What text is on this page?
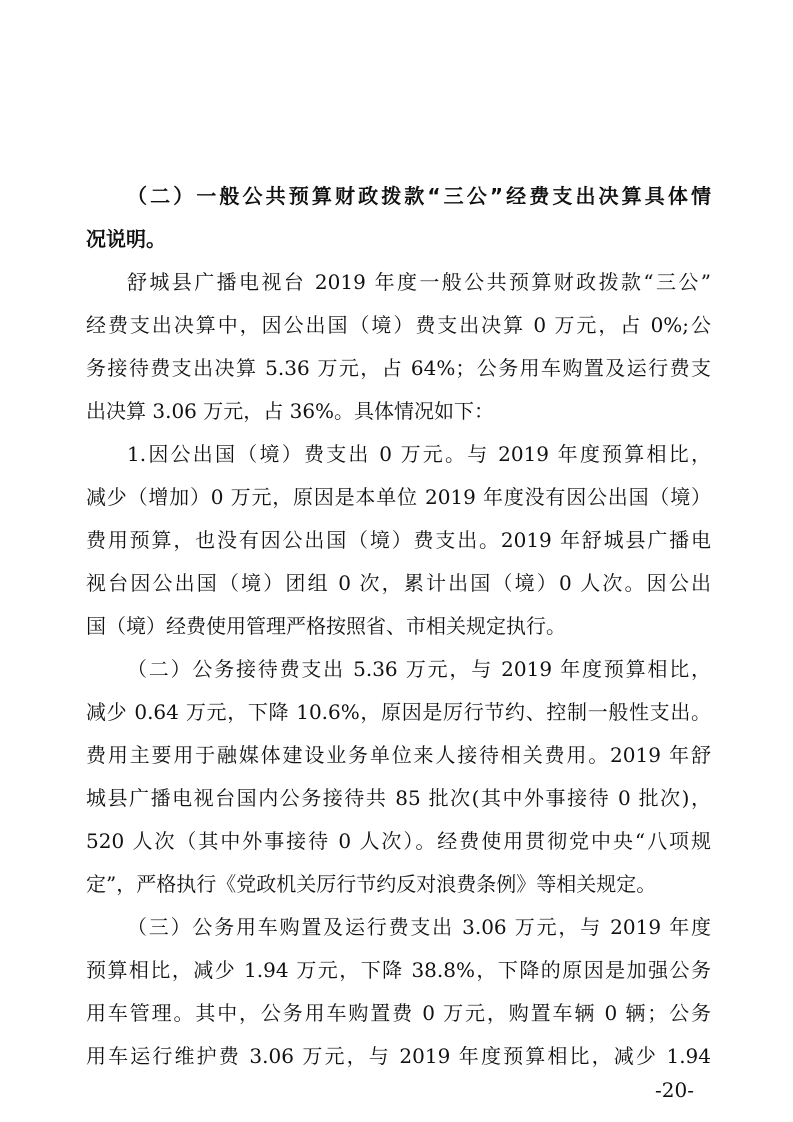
（二）一般公共预算财政拨款“三公”经费支出决算具体情
况说明。
舒城县广播电视台 2019 年度一般公共预算财政拨款“三公”
经费支出决算中，因公出国（境）费支出决算 0 万元，占 0%;公
务接待费支出决算 5.36 万元，占 64%；公务用车购置及运行费支
出决算 3.06 万元，占 36%。具体情况如下：
1.因公出国（境）费支出 0 万元。与 2019 年度预算相比，
减少（增加）0 万元，原因是本单位 2019 年度没有因公出国（境）
费用预算，也没有因公出国（境）费支出。2019 年舒城县广播电
视台因公出国（境）团组 0 次，累计出国（境）0 人次。因公出
国（境）经费使用管理严格按照省、市相关规定执行。
（二）公务接待费支出 5.36 万元，与 2019 年度预算相比，
减少 0.64 万元，下降 10.6%，原因是厉行节约、控制一般性支出。
费用主要用于融媒体建设业务单位来人接待相关费用。2019 年舒
城县广播电视台国内公务接待共 85 批次(其中外事接待 0 批次)，
520 人次（其中外事接待 0 人次）。经费使用贯彻党中央“八项规
定”，严格执行《党政机关厉行节约反对浪费条例》等相关规定。
（三）公务用车购置及运行费支出 3.06 万元，与 2019 年度
预算相比，减少 1.94 万元，下降 38.8%，下降的原因是加强公务
用车管理。其中，公务用车购置费 0 万元，购置车辆 0 辆；公务
用车运行维护费 3.06 万元，与 2019 年度预算相比，减少 1.94
-20-
